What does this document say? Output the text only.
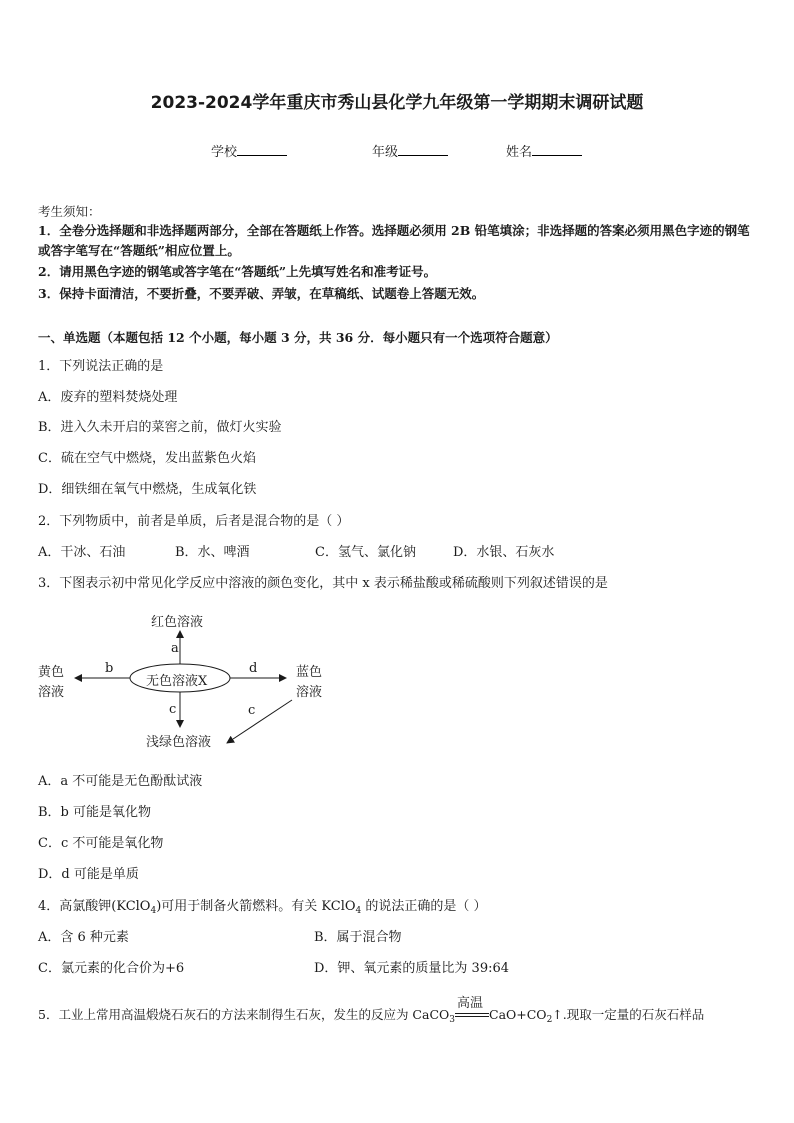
2023-2024学年重庆市秀山县化学九年级第一学期期末调研试题
学校	年级	姓名
考生须知：
1．全卷分选择题和非选择题两部分，全部在答题纸上作答。选择题必须用 2B 铅笔填涂；非选择题的答案必须用黑色字迹的钢笔或答字笔写在“答题纸”相应位置上。
2．请用黑色字迹的钢笔或答字笔在“答题纸”上先填写姓名和准考证号。
3．保持卡面清洁，不要折叠，不要弄破、弄皱，在草稿纸、试题卷上答题无效。
一、单选题（本题包括 12 个小题，每小题 3 分，共 36 分．每小题只有一个选项符合题意）
1．下列说法正确的是
A．废弃的塑料焚烧处理
B．进入久未开启的菜窖之前，做灯火实验
C．硫在空气中燃烧，发出蓝紫色火焰
D．细铁细在氧气中燃烧，生成氧化铁
2．下列物质中，前者是单质，后者是混合物的是（ ）
A．干冰、石油	B．水、啤酒	C．氢气、氯化钠	D．水银、石灰水
3．下图表示初中常见化学反应中溶液的颜色变化，其中 x 表示稀盐酸或稀硫酸则下列叙述错误的是
红色溶液
无色溶液X
黄色
溶液
蓝色
溶液
浅绿色溶液
a
b	d
c	c
A．a 不可能是无色酚酞试液
B．b 可能是氧化物
C．c 不可能是氧化物
D．d 可能是单质
4．高氯酸钾(KClO$_4$)可用于制备火箭燃料。有关 KClO$_4$ 的说法正确的是（ ）
A．含 6 种元素	B．属于混合物
C．氯元素的化合价为+6	D．钾、氧元素的质量比为 39:64
5．工业上常用高温煅烧石灰石的方法来制得生石灰，发生的反应为 CaCO$_3$
高温
$CaO+CO_2↑$.现取一定量的石灰石样品
